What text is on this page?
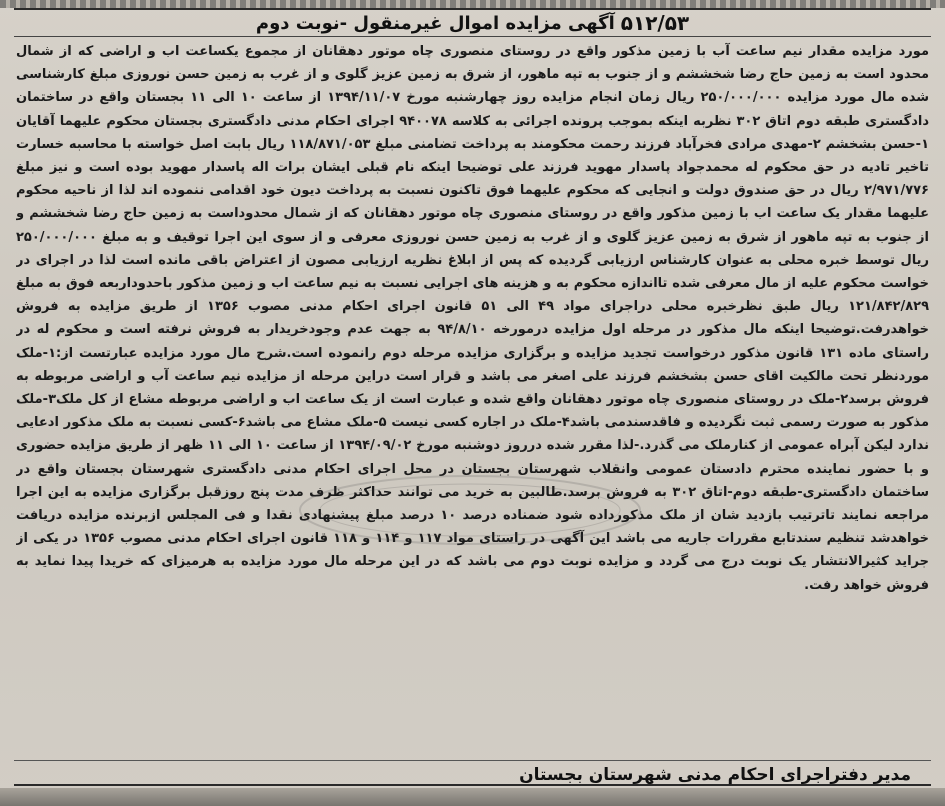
۵۱۲/۵۳
آگهی مزایده اموال غیرمنقول -نوبت دوم
مورد مزایده مقدار نیم ساعت آب با زمین مذکور واقع در روستای منصوری چاه موتور دهقانان از مجموع یکساعت اب و اراضی که از شمال محدود است به زمین حاج رضا شخششم و از جنوب به تپه ماهور، از شرق به زمین عزیز گلوی و از غرب به زمین حسن نوروزی مبلغ کارشناسی شده مال مورد مزایده ۲۵۰/۰۰۰/۰۰۰ ریال زمان انجام مزایده روز چهارشنبه مورخ ۱۳۹۴/۱۱/۰۷ از ساعت ۱۰ الی ۱۱ بجستان واقع در ساختمان دادگستری طبقه دوم اتاق ۳۰۲ نظربه اینکه بموجب پرونده اجرائی به کلاسه ۹۴۰۰۷۸ اجرای احکام مدنی دادگستری بجستان محکوم علیهما آقایان ۱-حسن بشخشم ۲-مهدی مرادی فخرآباد فرزند رحمت محکومند به پرداخت تضامنی مبلغ ۱۱۸/۸۷۱/۰۵۳ ریال بابت اصل خواسته با محاسبه خسارت تاخیر تادیه در حق محکوم له محمدجواد پاسدار مهوید فرزند علی توضیحا اینکه نام قبلی ایشان برات اله پاسدار مهوید بوده است و نیز مبلغ ۲/۹۷۱/۷۷۶ ریال در حق صندوق دولت و انجایی که محکوم علیهما فوق تاکنون نسبت به پرداخت دیون خود اقدامی ننموده اند لذا از ناحیه محکوم علیهما مقدار یک ساعت اب با زمین مذکور واقع در روستای منصوری چاه موتور دهقانان که از شمال محدوداست به زمین حاج رضا شخششم و از جنوب به تپه ماهور از شرق به زمین عزیز گلوی و از غرب به زمین حسن نوروزی معرفی و از سوی این اجرا توقیف و به مبلغ ۲۵۰/۰۰۰/۰۰۰ ریال توسط خبره محلی به عنوان کارشناس ارزیابی گردیده که پس از ابلاغ نظریه ارزیابی مصون از اعتراض باقی مانده است لذا در اجرای در خواست محکوم علیه از مال معرفی شده تااندازه محکوم به و هزینه های اجرایی نسبت به نیم ساعت اب و زمین مذکور باحدوداربعه فوق به مبلغ ۱۲۱/۸۴۲/۸۲۹ ریال طبق نظرخبره محلی دراجرای مواد ۴۹ الی ۵۱ قانون اجرای احکام مدنی مصوب ۱۳۵۶ از طریق مزایده به فروش خواهدرفت.توضیحا اینکه مال مذکور در مرحله اول مزایده درمورخه ۹۴/۸/۱۰ به جهت عدم وجودخریدار به فروش نرفته است و محکوم له در راستای ماده ۱۳۱ قانون مذکور درخواست تجدید مزایده و برگزاری مزایده مرحله دوم رانموده است.شرح مال مورد مزایده عبارتست از:۱-ملک موردنظر تحت مالکیت اقای حسن بشخشم فرزند علی اصغر می باشد و قرار است دراین مرحله از مزایده نیم ساعت آب و اراضی مربوطه به فروش برسد۲-ملک در روستای منصوری چاه موتور دهقانان واقع شده و عبارت است از یک ساعت اب و اراضی مربوطه مشاع از کل ملک۳-ملک مذکور به صورت رسمی ثبت نگردیده و فاقدسندمی باشد۴-ملک در اجاره کسی نیست ۵-ملک مشاع می باشد۶-کسی نسبت به ملک مذکور ادعایی ندارد لیکن آبراه عمومی از کنارملک می گذرد.-لذا مقرر شده درروز دوشنبه مورخ ۱۳۹۴/۰۹/۰۲ از ساعت ۱۰ الی ۱۱ ظهر از طریق مزایده حضوری و با حضور نماینده محترم دادستان عمومی وانقلاب شهرستان بجستان در محل اجرای احکام مدنی دادگستری شهرستان بجستان واقع در ساختمان دادگستری-طبقه دوم-اتاق ۳۰۲ به فروش برسد.طالبین به خرید می توانند حداکثر ظرف مدت پنج روزقبل برگزاری مزایده به این اجرا مراجعه نمایند تاترتیب بازدید شان از ملک مذکورداده شود ضمناده درصد ۱۰ درصد مبلغ پیشنهادی نقدا و فی المجلس ازبرنده مزایده دریافت خواهدشد تنظیم سندتابع مقررات جاریه می باشد این آگهی در راستای مواد ۱۱۷ و ۱۱۴ و ۱۱۸ قانون اجرای احکام مدنی مصوب ۱۳۵۶ در یکی از جراید کثیرالانتشار یک نوبت درج می گردد و مزایده نوبت دوم می باشد که در این مرحله مال مورد مزایده به هرمیزای که خریدا پیدا نماید به فروش خواهد رفت.
مدیر دفتراجرای احکام مدنی شهرستان بجستان
